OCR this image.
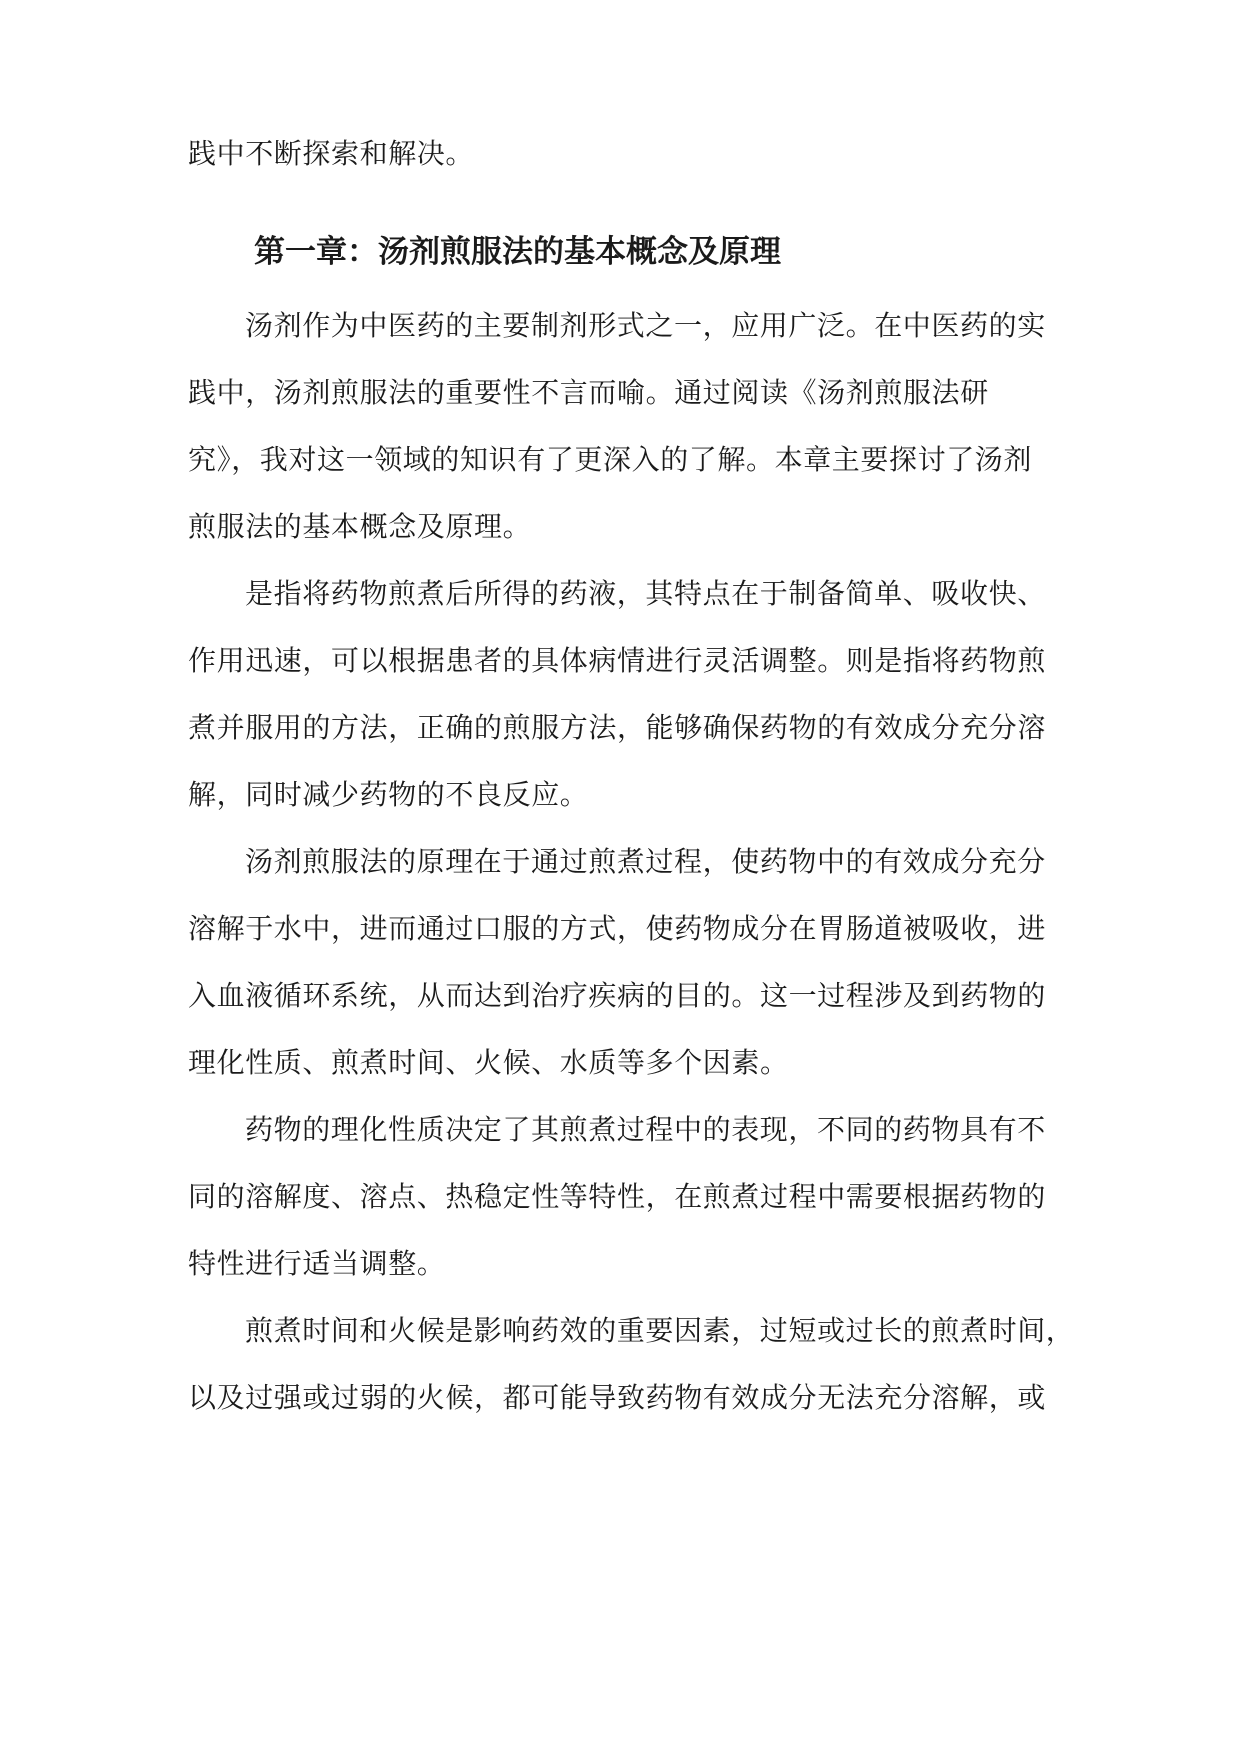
践中不断探索和解决。
第一章：汤剂煎服法的基本概念及原理
汤剂作为中医药的主要制剂形式之一，应用广泛。在中医药的实
践中，汤剂煎服法的重要性不言而喻。通过阅读《汤剂煎服法研
究》，我对这一领域的知识有了更深入的了解。本章主要探讨了汤剂
煎服法的基本概念及原理。
是指将药物煎煮后所得的药液，其特点在于制备简单、吸收快、
作用迅速，可以根据患者的具体病情进行灵活调整。则是指将药物煎
煮并服用的方法，正确的煎服方法，能够确保药物的有效成分充分溶
解，同时减少药物的不良反应。
汤剂煎服法的原理在于通过煎煮过程，使药物中的有效成分充分
溶解于水中，进而通过口服的方式，使药物成分在胃肠道被吸收，进
入血液循环系统，从而达到治疗疾病的目的。这一过程涉及到药物的
理化性质、煎煮时间、火候、水质等多个因素。
药物的理化性质决定了其煎煮过程中的表现，不同的药物具有不
同的溶解度、溶点、热稳定性等特性，在煎煮过程中需要根据药物的
特性进行适当调整。
煎煮时间和火候是影响药效的重要因素，过短或过长的煎煮时间，
以及过强或过弱的火候，都可能导致药物有效成分无法充分溶解，或
